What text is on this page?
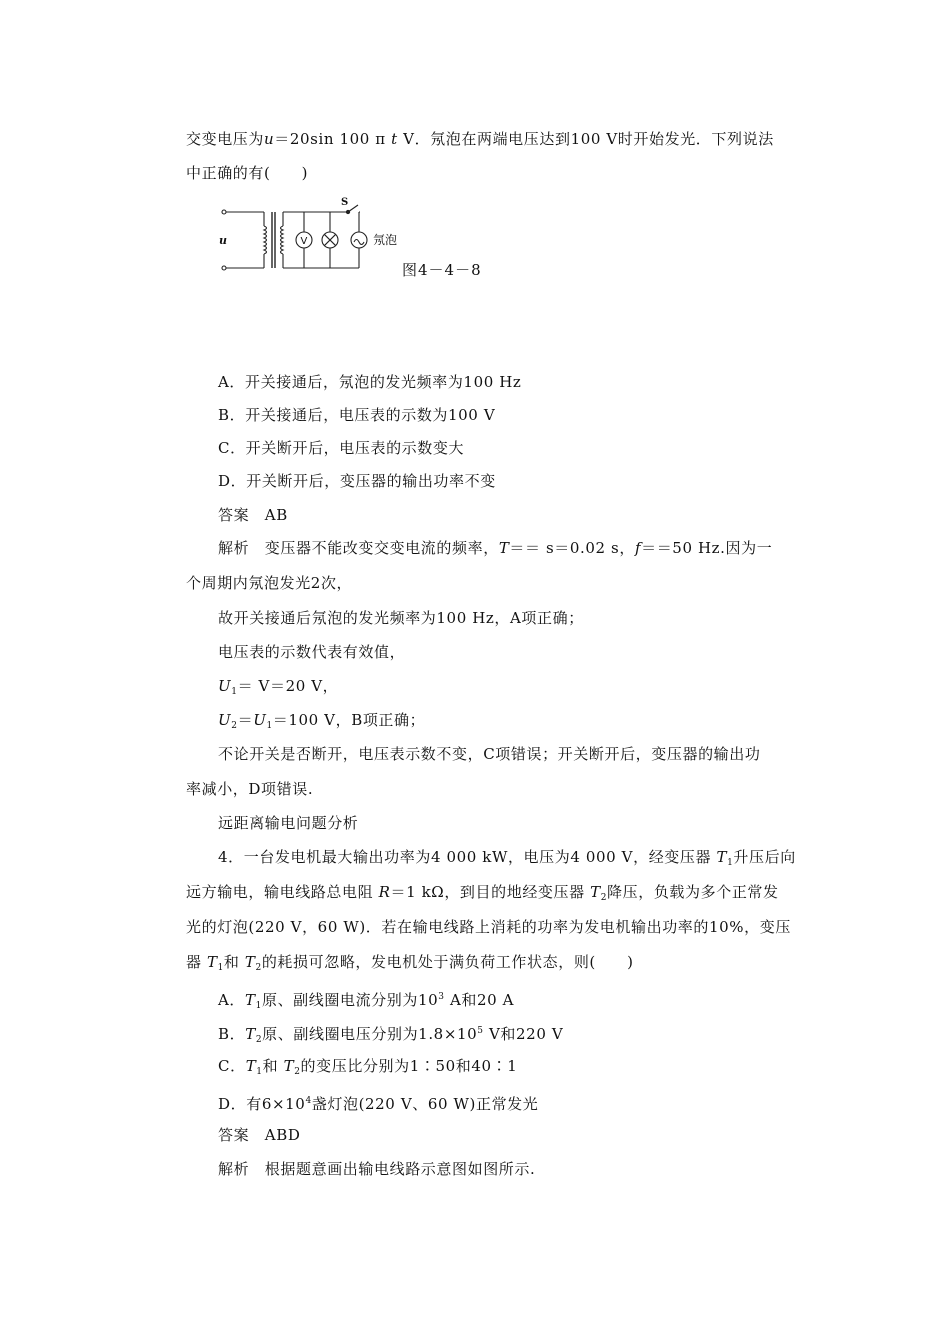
交变电压为u＝20sin 100 π t V．氖泡在两端电压达到100 V时开始发光．下列说法
中正确的有(　　)
S
u	V	氖泡
图4－4－8
A．开关接通后，氖泡的发光频率为100 Hz
B．开关接通后，电压表的示数为100 V
C．开关断开后，电压表的示数变大
D．开关断开后，变压器的输出功率不变
答案　AB
解析　变压器不能改变交变电流的频率，T＝＝ s＝0.02 s，f＝＝50 Hz.因为一
个周期内氖泡发光2次，
故开关接通后氖泡的发光频率为100 Hz，A项正确；
电压表的示数代表有效值，
$U_1= V=20$ V，
$U_2=U_1=100$ V，B项正确；
不论开关是否断开，电压表示数不变，C项错误；开关断开后，变压器的输出功
率减小，D项错误.
远距离输电问题分析
4．一台发电机最大输出功率为4 000 kW，电压为4 000 V，经变压器 $T_1$升压后向
远方输电，输电线路总电阻 R＝1 kΩ，到目的地经变压器 $T_2$降压，负载为多个正常发
光的灯泡(220 V，60 W)．若在输电线路上消耗的功率为发电机输出功率的10%，变压
器 $T_1$和 $T_2$的耗损可忽略，发电机处于满负荷工作状态，则(　　)
A．$T_1$原、副线圈电流分别为$10^3$ A和20 A
B．$T_2$原、副线圈电压分别为$1.8\times 10^5$ V和220 V
C．$T_1$和 $T_2$的变压比分别为1∶50和40∶1
D．有$6\times 10^4$盏灯泡(220 V、60 W)正常发光
答案　ABD
解析　根据题意画出输电线路示意图如图所示.
